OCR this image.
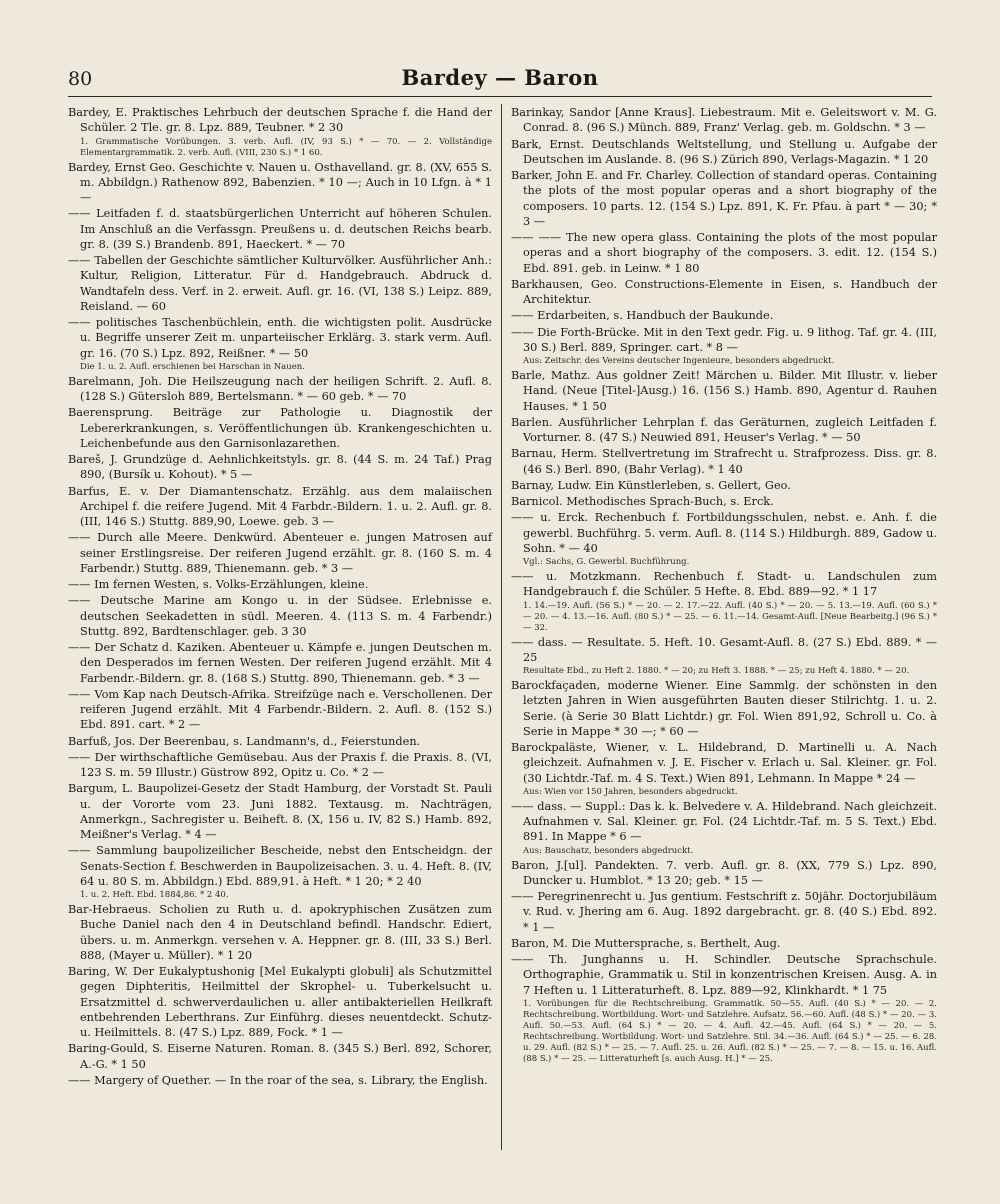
80	Bardey — Baron
Bardey, E. Praktisches Lehrbuch der deutschen Sprache f. die Hand der Schüler. 2 Tle. gr. 8. Lpz. 889, Teubner. * 2 30
1. Grammatische Vorübungen. 3. verb. Aufl. (IV, 93 S.) * — 70. — 2. Vollständige Elementargrammatik. 2. verb. Aufl. (VIII, 230 S.) * 1 60.
Bardey, Ernst Geo. Geschichte v. Nauen u. Osthavelland. gr. 8. (XV, 655 S. m. Abbildgn.) Rathenow 892, Babenzien. * 10 —; Auch in 10 Lfgn. à * 1 —
—— Leitfaden f. d. staatsbürgerlichen Unterricht auf höheren Schulen. Im Anschluß an die Verfassgn. Preußens u. d. deutschen Reichs bearb. gr. 8. (39 S.) Brandenb. 891, Haeckert. * — 70
—— Tabellen der Geschichte sämtlicher Kulturvölker. Ausführlicher Anh.: Kultur, Religion, Litteratur. Für d. Handgebrauch. Abdruck d. Wandtafeln dess. Verf. in 2. erweit. Aufl. gr. 16. (VI, 138 S.) Leipz. 889, Reisland. — 60
—— politisches Taschenbüchlein, enth. die wichtigsten polit. Ausdrücke u. Begriffe unserer Zeit m. unparteiischer Erklärg. 3. stark verm. Aufl. gr. 16. (70 S.) Lpz. 892, Reißner. * — 50
Die 1. u. 2. Aufl. erschienen bei Harschan in Nauen.
Barelmann, Joh. Die Heilszeugung nach der heiligen Schrift. 2. Aufl. 8. (128 S.) Gütersloh 889, Bertelsmann. * — 60 geb. * — 70
Baerensprung. Beiträge zur Pathologie u. Diagnostik der Lebererkrankungen, s. Veröffentlichungen üb. Krankengeschichten u. Leichenbefunde aus den Garnisonlazarethen.
Bareš, J. Grundzüge d. Aehnlichkeitstyls. gr. 8. (44 S. m. 24 Taf.) Prag 890, (Bursík u. Kohout). * 5 —
Barfus, E. v. Der Diamantenschatz. Erzählg. aus dem malaiischen Archipel f. die reifere Jugend. Mit 4 Farbdr.-Bildern. 1. u. 2. Aufl. gr. 8. (III, 146 S.) Stuttg. 889,90, Loewe. geb. 3 —
—— Durch alle Meere. Denkwürd. Abenteuer e. jungen Matrosen auf seiner Erstlingsreise. Der reiferen Jugend erzählt. gr. 8. (160 S. m. 4 Farbendr.) Stuttg. 889, Thienemann. geb. * 3 —
—— Im fernen Westen, s. Volks-Erzählungen, kleine.
—— Deutsche Marine am Kongo u. in der Südsee. Erlebnisse e. deutschen Seekadetten in südl. Meeren. 4. (113 S. m. 4 Farbendr.) Stuttg. 892, Bardtenschlager. geb. 3 30
—— Der Schatz d. Kaziken. Abenteuer u. Kämpfe e. jungen Deutschen m. den Desperados im fernen Westen. Der reiferen Jugend erzählt. Mit 4 Farbendr.-Bildern. gr. 8. (168 S.) Stuttg. 890, Thienemann. geb. * 3 —
—— Vom Kap nach Deutsch-Afrika. Streifzüge nach e. Verschollenen. Der reiferen Jugend erzählt. Mit 4 Farbendr.-Bildern. 2. Aufl. 8. (152 S.) Ebd. 891. cart. * 2 —
Barfuß, Jos. Der Beerenbau, s. Landmann's, d., Feierstunden.
—— Der wirthschaftliche Gemüsebau. Aus der Praxis f. die Praxis. 8. (VI, 123 S. m. 59 Illustr.) Güstrow 892, Opitz u. Co. * 2 —
Bargum, L. Baupolizei-Gesetz der Stadt Hamburg, der Vorstadt St. Pauli u. der Vororte vom 23. Juni 1882. Textausg. m. Nachträgen, Anmerkgn., Sachregister u. Beiheft. 8. (X, 156 u. IV, 82 S.) Hamb. 892, Meißner's Verlag. * 4 —
—— Sammlung baupolizeilicher Bescheide, nebst den Entscheidgn. der Senats-Section f. Beschwerden in Baupolizeisachen. 3. u. 4. Heft. 8. (IV, 64 u. 80 S. m. Abbildgn.) Ebd. 889,91. à Heft. * 1 20; * 2 40
1. u. 2. Heft. Ebd. 1884,86. * 2 40.
Bar-Hebraeus. Scholien zu Ruth u. d. apokryphischen Zusätzen zum Buche Daniel nach den 4 in Deutschland befindl. Handschr. Ediert, übers. u. m. Anmerkgn. versehen v. A. Heppner. gr. 8. (III, 33 S.) Berl. 888, (Mayer u. Müller). * 1 20
Baring, W. Der Eukalyptushonig [Mel Eukalypti globuli] als Schutzmittel gegen Diphteritis, Heilmittel der Skrophel- u. Tuberkelsucht u. Ersatzmittel d. schwerverdaulichen u. aller antibakteriellen Heilkraft entbehrenden Leberthrans. Zur Einführg. dieses neuentdeckt. Schutz- u. Heilmittels. 8. (47 S.) Lpz. 889, Fock. * 1 —
Baring-Gould, S. Eiserne Naturen. Roman. 8. (345 S.) Berl. 892, Schorer, A.-G. * 1 50
—— Margery of Quether. — In the roar of the sea, s. Library, the English.
Barinkay, Sandor [Anne Kraus]. Liebestraum. Mit e. Geleitswort v. M. G. Conrad. 8. (96 S.) Münch. 889, Franz' Verlag. geb. m. Goldschn. * 3 —
Bark, Ernst. Deutschlands Weltstellung, und Stellung u. Aufgabe der Deutschen im Auslande. 8. (96 S.) Zürich 890, Verlags-Magazin. * 1 20
Barker, John E. and Fr. Charley. Collection of standard operas. Containing the plots of the most popular operas and a short biography of the composers. 10 parts. 12. (154 S.) Lpz. 891, K. Fr. Pfau. à part * — 30; * 3 —
—— —— The new opera glass. Containing the plots of the most popular operas and a short biography of the composers. 3. edit. 12. (154 S.) Ebd. 891. geb. in Leinw. * 1 80
Barkhausen, Geo. Constructions-Elemente in Eisen, s. Handbuch der Architektur.
—— Erdarbeiten, s. Handbuch der Baukunde.
—— Die Forth-Brücke. Mit in den Text gedr. Fig. u. 9 lithog. Taf. gr. 4. (III, 30 S.) Berl. 889, Springer. cart. * 8 —
Aus: Zeitschr. des Vereins deutscher Ingenieure, besonders abgedruckt.
Barle, Mathz. Aus goldner Zeit! Märchen u. Bilder. Mit Illustr. v. lieber Hand. (Neue [Titel-]Ausg.) 16. (156 S.) Hamb. 890, Agentur d. Rauhen Hauses. * 1 50
Barlen. Ausführlicher Lehrplan f. das Geräturnen, zugleich Leitfaden f. Vorturner. 8. (47 S.) Neuwied 891, Heuser's Verlag. * — 50
Barnau, Herm. Stellvertretung im Strafrecht u. Strafprozess. Diss. gr. 8. (46 S.) Berl. 890, (Bahr Verlag). * 1 40
Barnay, Ludw. Ein Künstlerleben, s. Gellert, Geo.
Barnicol. Methodisches Sprach-Buch, s. Erck.
—— u. Erck. Rechenbuch f. Fortbildungsschulen, nebst. e. Anh. f. die gewerbl. Buchführg. 5. verm. Aufl. 8. (114 S.) Hildburgh. 889, Gadow u. Sohn. * — 40
Vgl.: Sachs, G. Gewerbl. Buchführung.
—— u. Motzkmann. Rechenbuch f. Stadt- u. Landschulen zum Handgebrauch f. die Schüler. 5 Hefte. 8. Ebd. 889—92. * 1 17
1. 14.—19. Aufl. (56 S.) * — 20. — 2. 17.—22. Aufl. (40 S.) * — 20. — 5. 13.—19. Aufl. (60 S.) * — 20. — 4. 13.—16. Aufl. (80 S.) * — 25. — 6. 11.—14. Gesamt-Aufl. [Neue Bearbeitg.] (96 S.) * — 32.
—— dass. — Resultate. 5. Heft. 10. Gesamt-Aufl. 8. (27 S.) Ebd. 889. * — 25
Resultate Ebd., zu Heft 2. 1880. * — 20; zu Heft 3. 1888. * — 25; zu Heft 4. 1880. * — 20.
Barockfaçaden, moderne Wiener. Eine Sammlg. der schönsten in den letzten Jahren in Wien ausgeführten Bauten dieser Stilrichtg. 1. u. 2. Serie. (à Serie 30 Blatt Lichtdr.) gr. Fol. Wien 891,92, Schroll u. Co. à Serie in Mappe * 30 —; * 60 —
Barockpaläste, Wiener, v. L. Hildebrand, D. Martinelli u. A. Nach gleichzeit. Aufnahmen v. J. E. Fischer v. Erlach u. Sal. Kleiner. gr. Fol. (30 Lichtdr.-Taf. m. 4 S. Text.) Wien 891, Lehmann. In Mappe * 24 —
Aus: Wien vor 150 Jahren, besonders abgedruckt.
—— dass. — Suppl.: Das k. k. Belvedere v. A. Hildebrand. Nach gleichzeit. Aufnahmen v. Sal. Kleiner. gr. Fol. (24 Lichtdr.-Taf. m. 5 S. Text.) Ebd. 891. In Mappe * 6 —
Aus: Bauschatz, besonders abgedruckt.
Baron, J.[ul]. Pandekten. 7. verb. Aufl. gr. 8. (XX, 779 S.) Lpz. 890, Duncker u. Humblot. * 13 20; geb. * 15 —
—— Peregrinenrecht u. Jus gentium. Festschrift z. 50jähr. Doctorjubiläum v. Rud. v. Jhering am 6. Aug. 1892 dargebracht. gr. 8. (40 S.) Ebd. 892. * 1 —
Baron, M. Die Muttersprache, s. Berthelt, Aug.
—— Th. Junghanns u. H. Schindler. Deutsche Sprachschule. Orthographie, Grammatik u. Stil in konzentrischen Kreisen. Ausg. A. in 7 Heften u. 1 Litteraturheft. 8. Lpz. 889—92, Klinkhardt. * 1 75
1. Vorübungen für die Rechtschreibung. Grammatik. 50—55. Aufl. (40 S.) * — 20. — 2. Rechtschreibung. Wortbildung. Wort- und Satzlehre. Aufsatz. 56.—60. Aufl. (48 S.) * — 20. — 3. Aufl. 50.—53. Aufl. (64 S.) * — 20. — 4. Aufl. 42.—45. Aufl. (64 S.) * — 20. — 5. Rechtschreibung. Wortbildung. Wort- und Satzlehre. Stil. 34.—36. Aufl. (64 S.) * — 25. — 6. 28. u. 29. Aufl. (82 S.) * — 25. — 7. Aufl. 25. u. 26. Aufl. (82 S.) * — 25. — 7. — 8. — 15. u. 16. Aufl. (88 S.) * — 25. — Litteraturheft [s. auch Ausg. H.] * — 25.
